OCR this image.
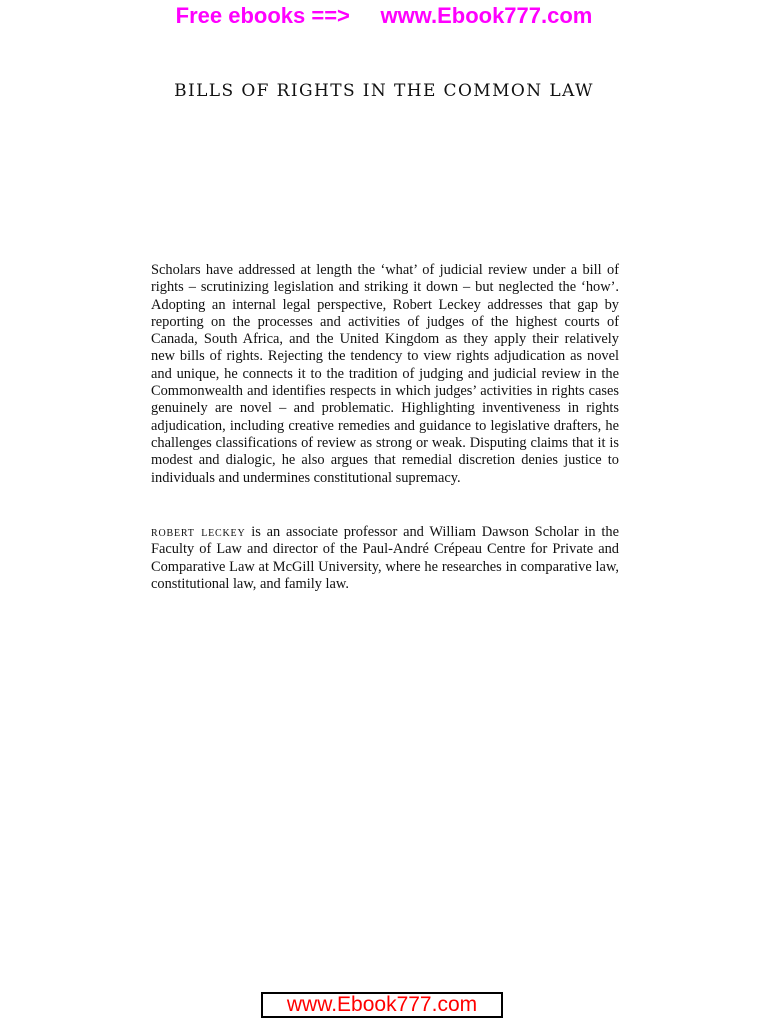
Free ebooks ==> www.Ebook777.com
BILLS OF RIGHTS IN THE COMMON LAW

Scholars have addressed at length the ‘what’ of judicial review under a bill of rights – scrutinizing legislation and striking it down – but neglected the ‘how’. Adopting an internal legal perspective, Robert Leckey addresses that gap by reporting on the processes and activities of judges of the highest courts of Canada, South Africa, and the United Kingdom as they apply their relatively new bills of rights. Rejecting the tendency to view rights adjudication as novel and unique, he connects it to the tradition of judging and judicial review in the Commonwealth and identifies respects in which judges’ activities in rights cases genuinely are novel – and problematic. Highlighting inventiveness in rights adjudication, including creative remedies and guidance to legislative drafters, he challenges classifications of review as strong or weak. Disputing claims that it is modest and dialogic, he also argues that remedial discretion denies justice to individuals and undermines constitutional supremacy.

robert leckey is an associate professor and William Dawson Scholar in the Faculty of Law and director of the Paul-André Crépeau Centre for Private and Comparative Law at McGill University, where he researches in comparative law, constitutional law, and family law.
www.Ebook777.com
